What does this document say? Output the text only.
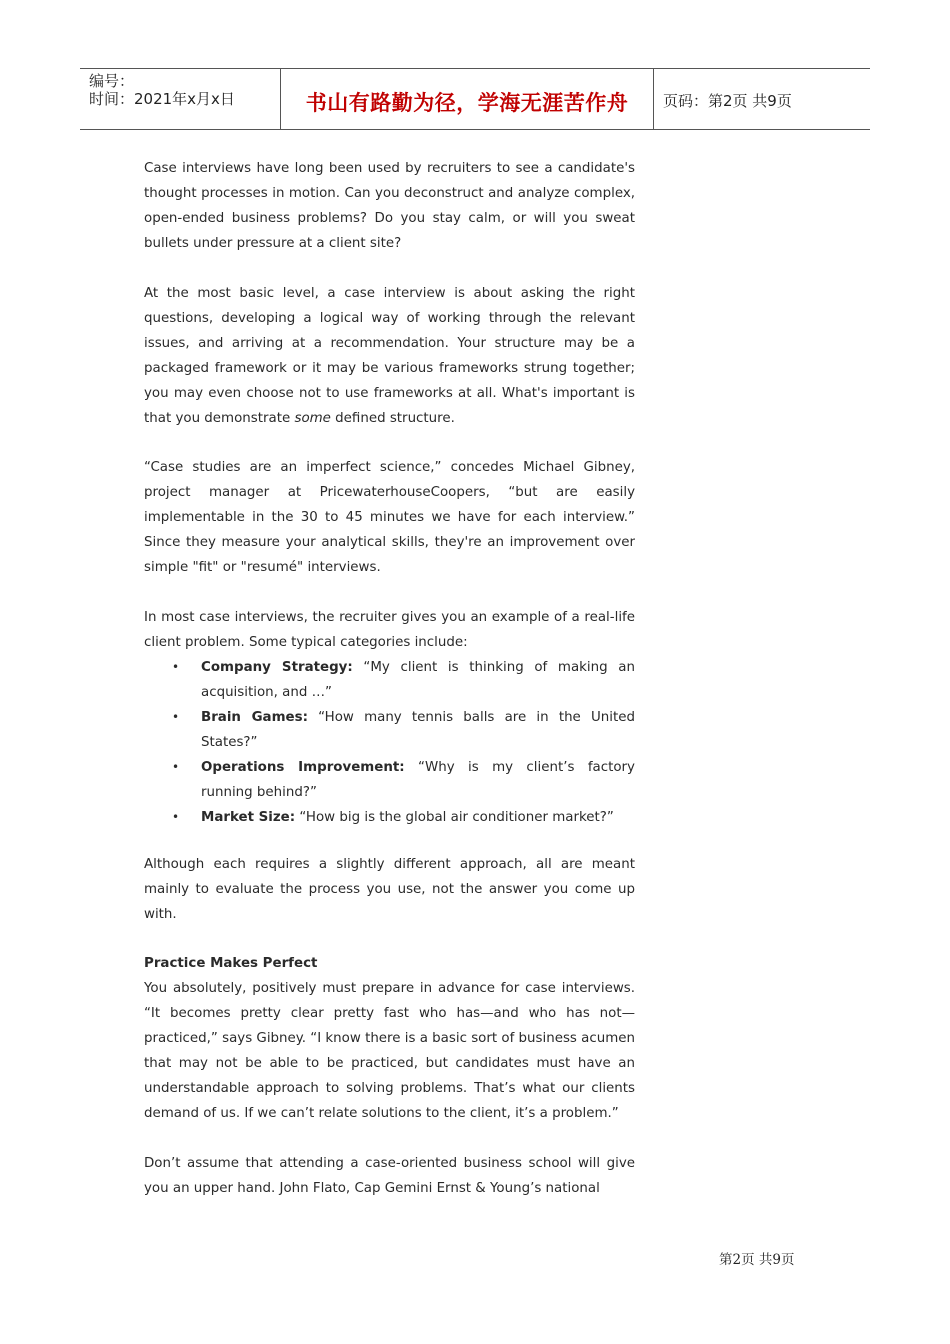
编号：
时间：2021年x月x日	书山有路勤为径，学海无涯苦作舟	页码：第2页 共9页

Case interviews have long been used by recruiters to see a candidate's thought processes in motion. Can you deconstruct and analyze complex, open-ended business problems? Do you stay calm, or will you sweat bullets under pressure at a client site?

At the most basic level, a case interview is about asking the right questions, developing a logical way of working through the relevant issues, and arriving at a recommendation. Your structure may be a packaged framework or it may be various frameworks strung together; you may even choose not to use frameworks at all. What's important is that you demonstrate some defined structure.

“Case studies are an imperfect science,” concedes Michael Gibney, project manager at PricewaterhouseCoopers, “but are easily implementable in the 30 to 45 minutes we have for each interview.” Since they measure your analytical skills, they're an improvement over simple "fit" or "resumé" interviews.

In most case interviews, the recruiter gives you an example of a real-life client problem. Some typical categories include:

• Company Strategy: “My client is thinking of making an acquisition, and …”
• Brain Games: “How many tennis balls are in the United States?”
• Operations Improvement: “Why is my client’s factory running behind?”
• Market Size: “How big is the global air conditioner market?”

Although each requires a slightly different approach, all are meant mainly to evaluate the process you use, not the answer you come up with.

Practice Makes Perfect

You absolutely, positively must prepare in advance for case interviews. “It becomes pretty clear pretty fast who has—and who has not—practiced,” says Gibney. “I know there is a basic sort of business acumen that may not be able to be practiced, but candidates must have an understandable approach to solving problems. That’s what our clients demand of us. If we can’t relate solutions to the client, it’s a problem.”

Don’t assume that attending a case-oriented business school will give you an upper hand. John Flato, Cap Gemini Ernst & Young’s national

第2页 共9页
